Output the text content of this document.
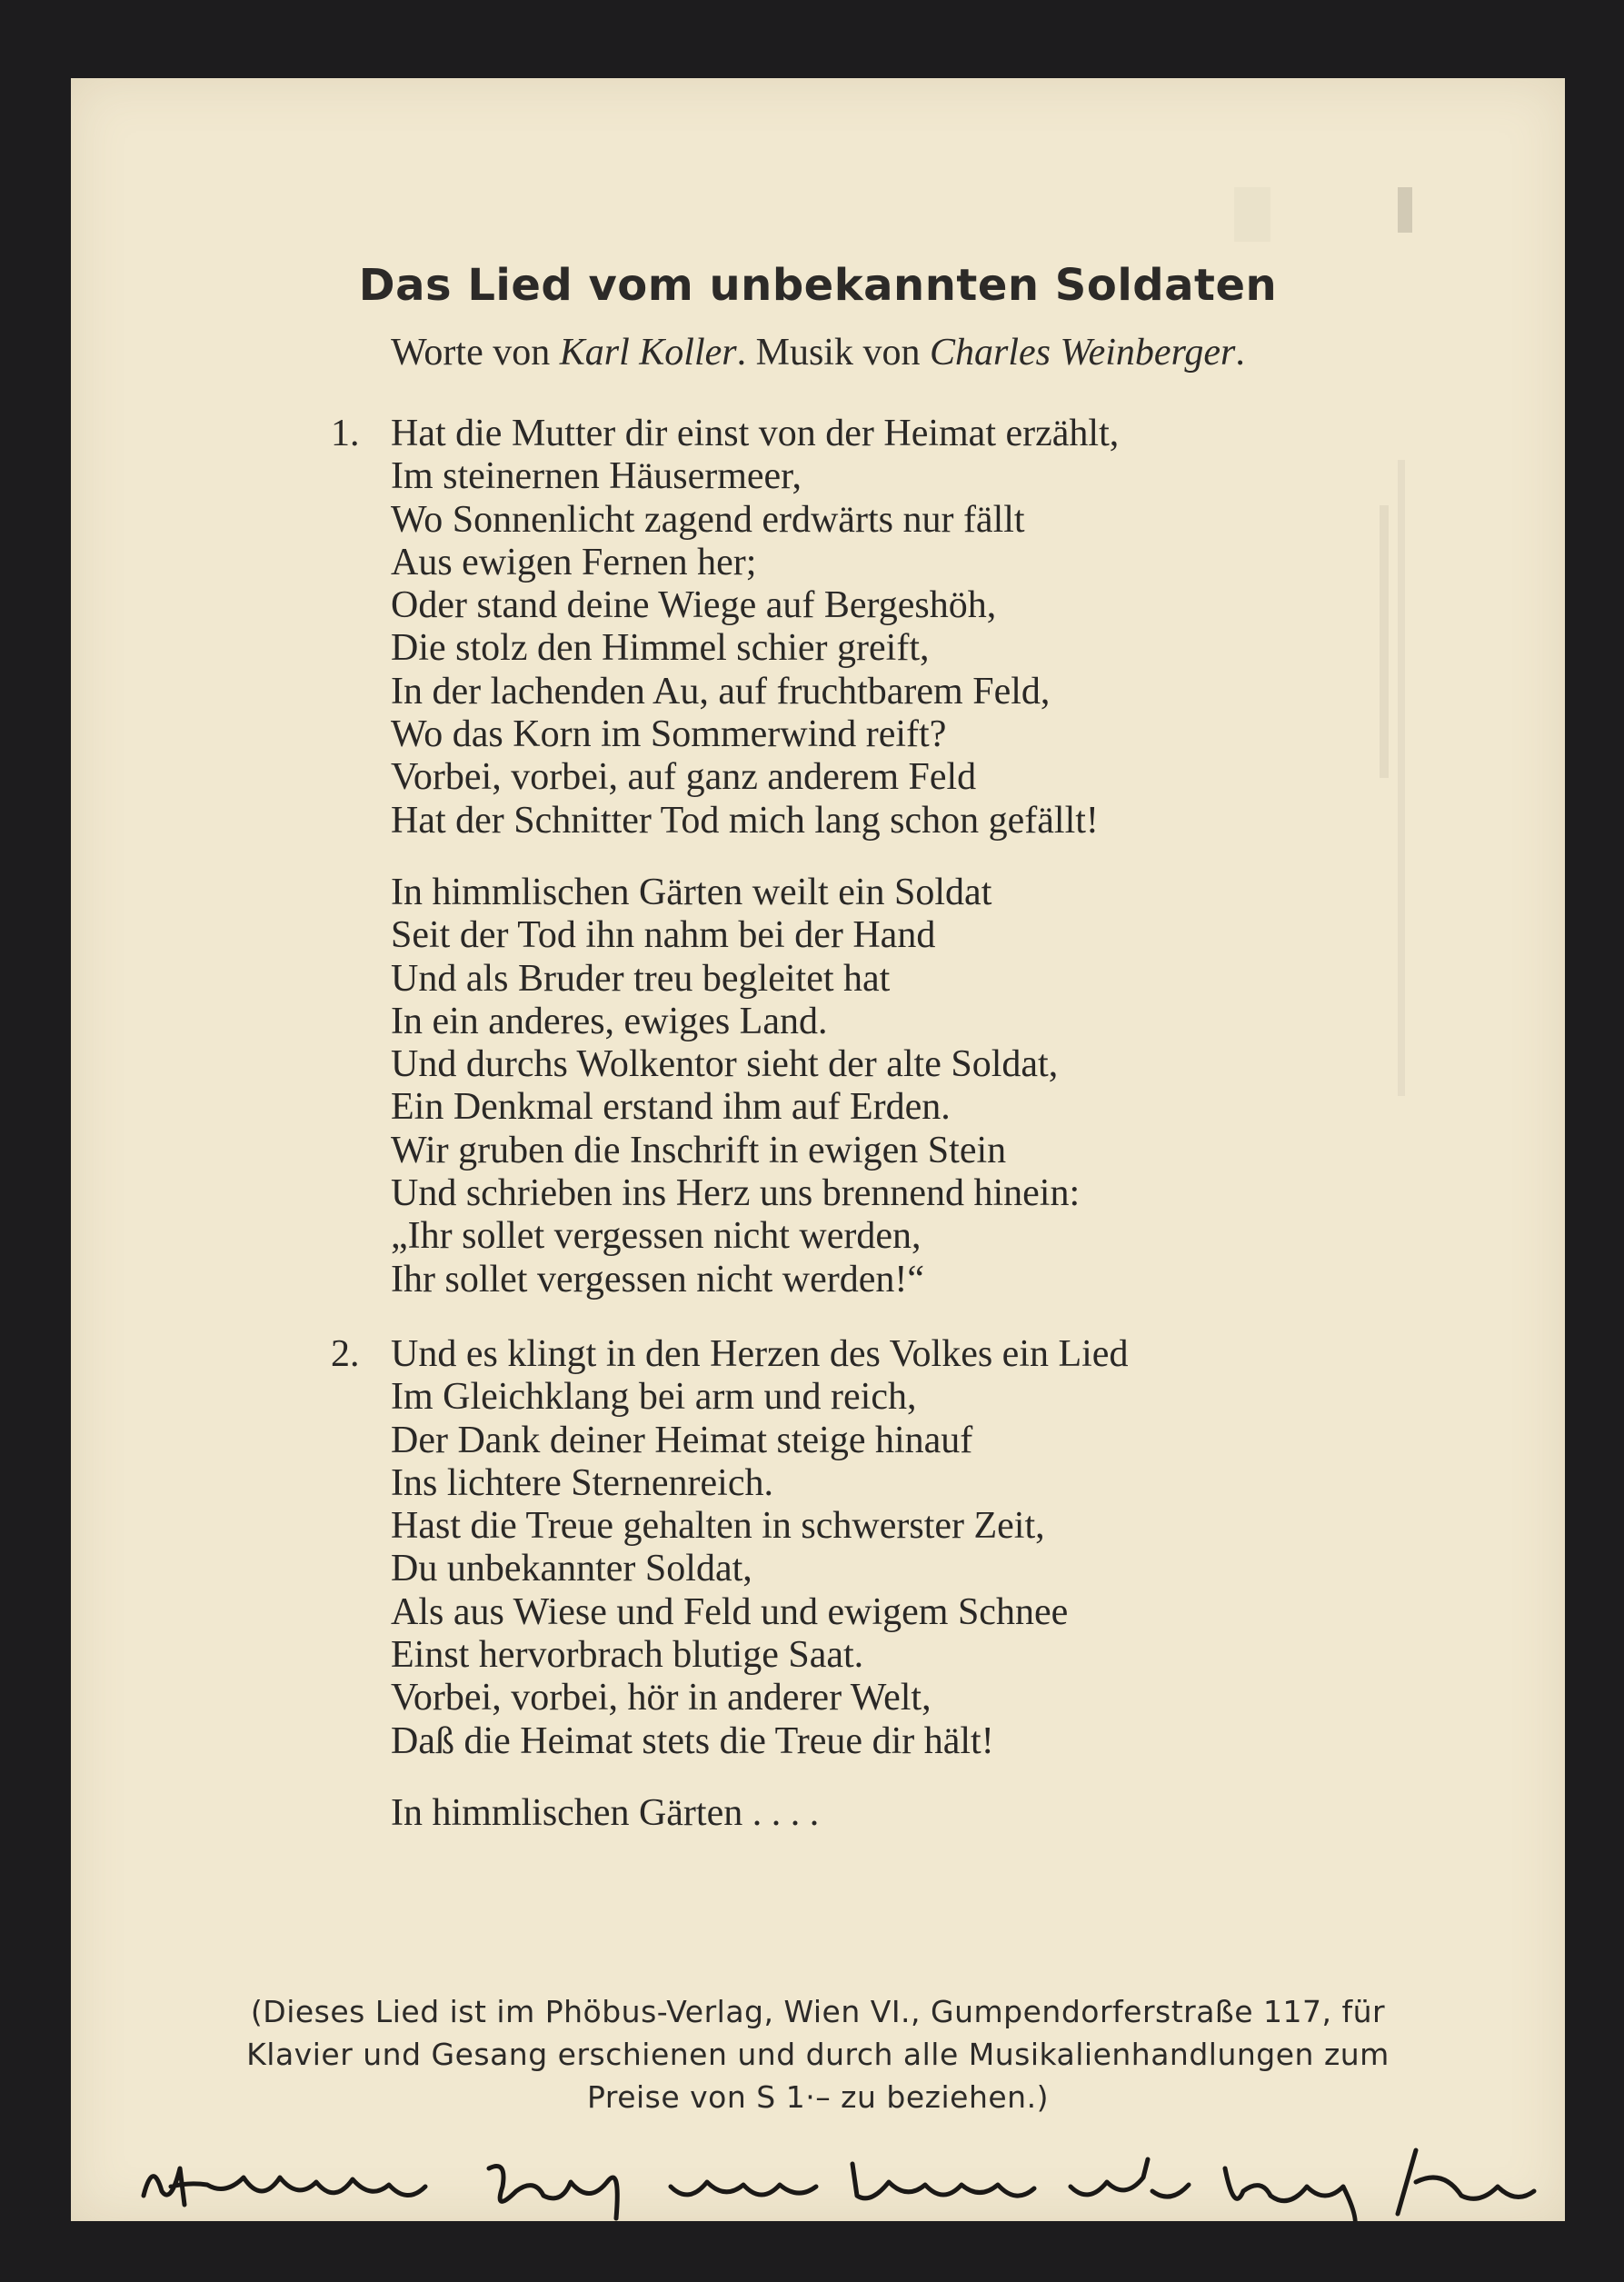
Das Lied vom unbekannten Soldaten
Worte von Karl Koller. Musik von Charles Weinberger.
1. Hat die Mutter dir einst von der Heimat erzählt,
Im steinernen Häusermeer,
Wo Sonnenlicht zagend erdwärts nur fällt
Aus ewigen Fernen her;
Oder stand deine Wiege auf Bergeshöh,
Die stolz den Himmel schier greift,
In der lachenden Au, auf fruchtbarem Feld,
Wo das Korn im Sommerwind reift?
Vorbei, vorbei, auf ganz anderem Feld
Hat der Schnitter Tod mich lang schon gefällt!
In himmlischen Gärten weilt ein Soldat
Seit der Tod ihn nahm bei der Hand
Und als Bruder treu begleitet hat
In ein anderes, ewiges Land.
Und durchs Wolkentor sieht der alte Soldat,
Ein Denkmal erstand ihm auf Erden.
Wir gruben die Inschrift in ewigen Stein
Und schrieben ins Herz uns brennend hinein:
„Ihr sollet vergessen nicht werden,
Ihr sollet vergessen nicht werden!“
2. Und es klingt in den Herzen des Volkes ein Lied
Im Gleichklang bei arm und reich,
Der Dank deiner Heimat steige hinauf
Ins lichtere Sternenreich.
Hast die Treue gehalten in schwerster Zeit,
Du unbekannter Soldat,
Als aus Wiese und Feld und ewigem Schnee
Einst hervorbrach blutige Saat.
Vorbei, vorbei, hör in anderer Welt,
Daß die Heimat stets die Treue dir hält!
In himmlischen Gärten . . . .
(Dieses Lied ist im Phöbus-Verlag, Wien VI., Gumpendorferstraße 117, für
Klavier und Gesang erschienen und durch alle Musikalienhandlungen zum
Preise von S 1·– zu beziehen.)
